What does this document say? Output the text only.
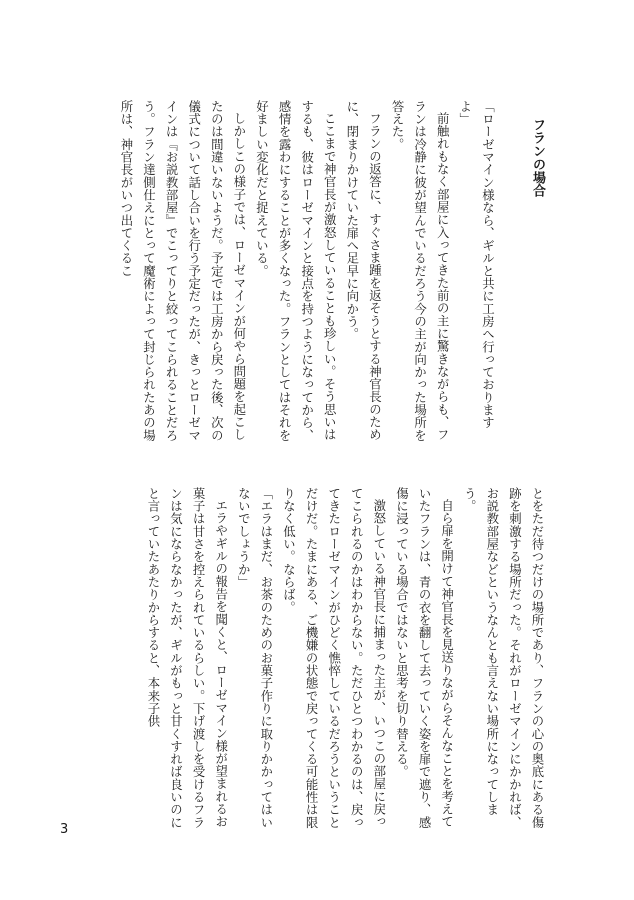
フランの場合
「ローゼマイン様なら、ギルと共に工房へ行っておりますよ」
前触れもなく部屋に入ってきた前の主に驚きながらも、フランは冷静に彼が望んでいるだろう今の主が向かった場所を答えた。
フランの返答に、すぐさま踵を返そうとする神官長のために、閉まりかけていた扉へ足早に向かう。
ここまで神官長が激怒していることも珍しい。そう思いはするも、彼はローゼマインと接点を持つようになってから、感情を露わにすることが多くなった。フランとしてはそれを好ましい変化だと捉えている。
しかしこの様子では、ローゼマインが何やら問題を起こしたのは間違いないようだ。予定では工房から戻った後、次の儀式について話し合いを行う予定だったが、きっとローゼマインは『お説教部屋』でこってりと絞ってこられることだろう。フラン達側仕えにとって魔術によって封じられたあの場所は、神官長がいつ出てくるこ
とをただ待つだけの場所であり、フランの心の奥底にある傷跡を刺激する場所だった。それがローゼマインにかかれば、お説教部屋などというなんとも言えない場所になってしまう。
自ら扉を開けて神官長を見送りながらそんなことを考えていたフランは、青の衣を翻して去っていく姿を扉で遮り、感傷に浸っている場合ではないと思考を切り替える。
激怒している神官長に捕まった主が、いつこの部屋に戻ってこられるのかはわからない。ただひとつわかるのは、戻ってきたローゼマインがひどく憔悴しているだろうということだけだ。たまにある、ご機嫌の状態で戻ってくる可能性は限りなく低い。ならば。
「エラはまだ、お茶のためのお菓子作りに取りかかってはいないでしょうか」
エラやギルの報告を聞くと、ローゼマイン様が望まれるお菓子は甘さを控えられているらしい。下げ渡しを受けるフランは気にならなかったが、ギルがもっと甘くすれば良いのにと言っていたあたりからすると、本来子供
3
